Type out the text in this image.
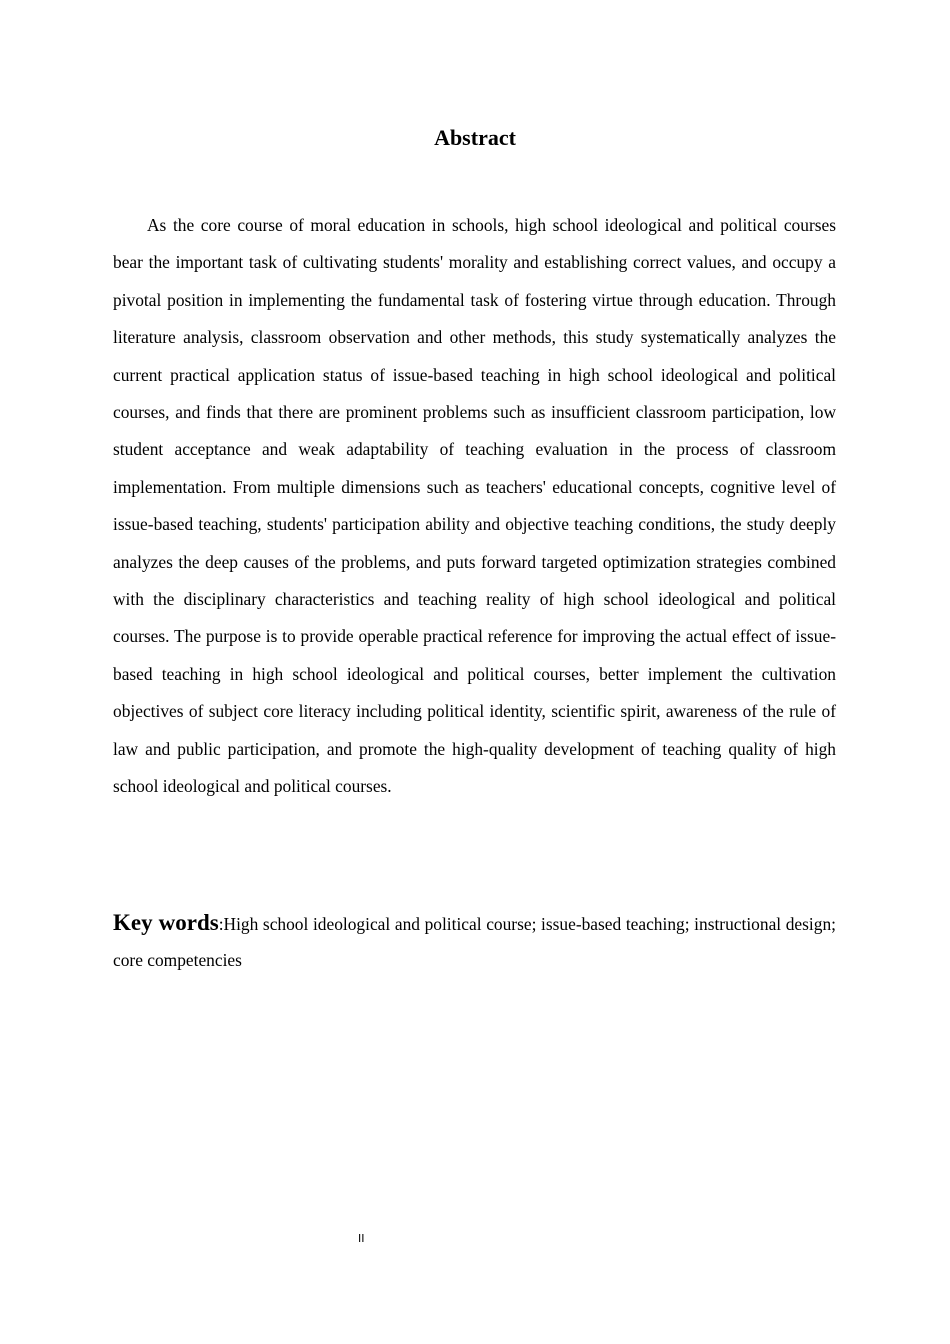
Abstract

As the core course of moral education in schools, high school ideological and political courses bear the important task of cultivating students' morality and establishing correct values, and occupy a pivotal position in implementing the fundamental task of fostering virtue through education. Through literature analysis, classroom observation and other methods, this study systematically analyzes the current practical application status of issue-based teaching in high school ideological and political courses, and finds that there are prominent problems such as insufficient classroom participation, low student acceptance and weak adaptability of teaching evaluation in the process of classroom implementation. From multiple dimensions such as teachers' educational concepts, cognitive level of issue-based teaching, students' participation ability and objective teaching conditions, the study deeply analyzes the deep causes of the problems, and puts forward targeted optimization strategies combined with the disciplinary characteristics and teaching reality of high school ideological and political courses. The purpose is to provide operable practical reference for improving the actual effect of issue-based teaching in high school ideological and political courses, better implement the cultivation objectives of subject core literacy including political identity, scientific spirit, awareness of the rule of law and public participation, and promote the high-quality development of teaching quality of high school ideological and political courses.

Key words:High school ideological and political course; issue-based teaching; instructional design; core competencies

II
